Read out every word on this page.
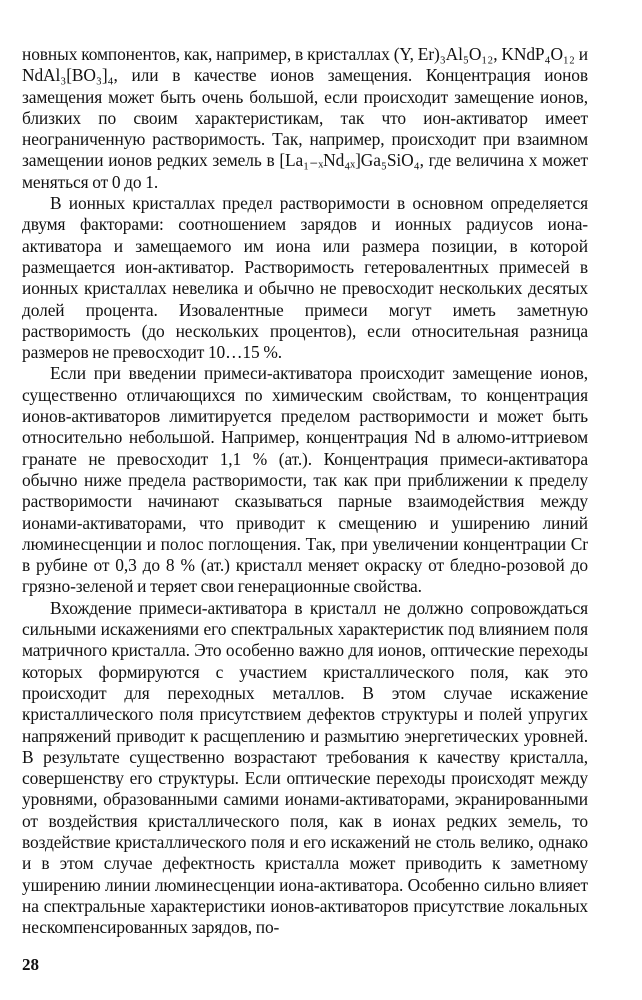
новных компонентов, как, например, в кристаллах (Y, Er)₃Al₅O₁₂, KNdP₄O₁₂ и NdAl₃[BO₃]₄, или в качестве ионов замещения. Концентрация ионов замещения может быть очень большой, если происходит замещение ионов, близких по своим характеристикам, так что ион-активатор имеет неограниченную растворимость. Так, например, происходит при взаимном замещении ионов редких земель в [La₁₋ₓNd₄ₓ]Ga₅SiO₄, где величина x может меняться от 0 до 1.

В ионных кристаллах предел растворимости в основном определяется двумя факторами: соотношением зарядов и ионных радиусов иона-активатора и замещаемого им иона или размера позиции, в которой размещается ион-активатор. Растворимость гетеровалентных примесей в ионных кристаллах невелика и обычно не превосходит нескольких десятых долей процента. Изовалентные примеси могут иметь заметную растворимость (до нескольких процентов), если относительная разница размеров не превосходит 10…15 %.

Если при введении примеси-активатора происходит замещение ионов, существенно отличающихся по химическим свойствам, то концентрация ионов-активаторов лимитируется пределом растворимости и может быть относительно небольшой. Например, концентрация Nd в алюмо-иттриевом гранате не превосходит 1,1 % (ат.). Концентрация примеси-активатора обычно ниже предела растворимости, так как при приближении к пределу растворимости начинают сказываться парные взаимодействия между ионами-активаторами, что приводит к смещению и уширению линий люминесценции и полос поглощения. Так, при увеличении концентрации Cr в рубине от 0,3 до 8 % (ат.) кристалл меняет окраску от бледно-розовой до грязно-зеленой и теряет свои генерационные свойства.

Вхождение примеси-активатора в кристалл не должно сопровождаться сильными искажениями его спектральных характеристик под влиянием поля матричного кристалла. Это особенно важно для ионов, оптические переходы которых формируются с участием кристаллического поля, как это происходит для переходных металлов. В этом случае искажение кристаллического поля присутствием дефектов структуры и полей упругих напряжений приводит к расщеплению и размытию энергетических уровней. В результате существенно возрастают требования к качеству кристалла, совершенству его структуры. Если оптические переходы происходят между уровнями, образованными самими ионами-активаторами, экранированными от воздействия кристаллического поля, как в ионах редких земель, то воздействие кристаллического поля и его искажений не столь велико, однако и в этом случае дефектность кристалла может приводить к заметному уширению линии люминесценции иона-активатора. Особенно сильно влияет на спектральные характеристики ионов-активаторов присутствие локальных нескомпенсированных зарядов, по-

28
